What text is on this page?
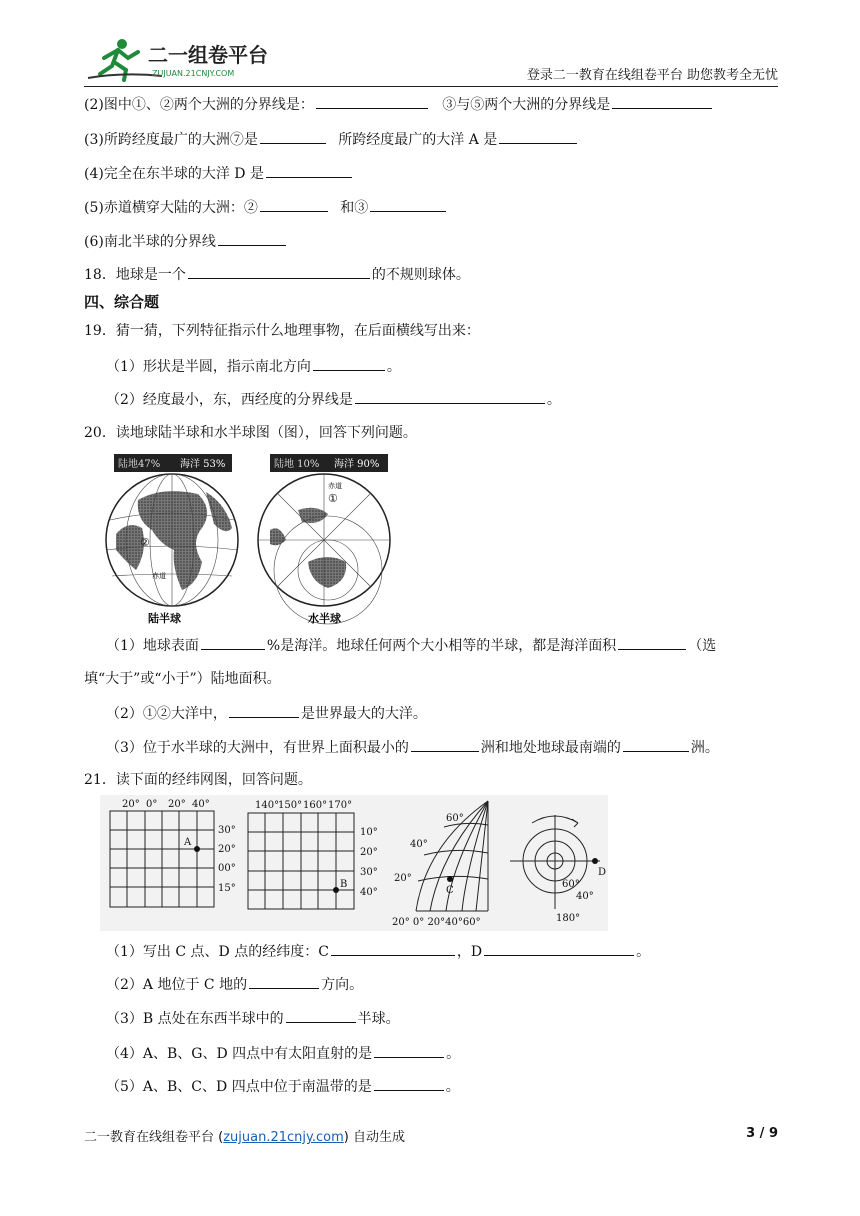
二一组卷平台
ZUJUAN.21CNJY.COM	登录二一教育在线组卷平台 助您教考全无忧
(2)图中①、②两个大洲的分界线是：	③与⑤两个大洲的分界线是
(3)所跨经度最广的大洲⑦是	所跨经度最广的大洋 A 是
(4)完全在东半球的大洋 D 是
(5)赤道横穿大陆的大洲：②	和③
(6)南北半球的分界线
18．地球是一个	的不规则球体。
四、综合题
19．猜一猜，下列特征指示什么地理事物，在后面横线写出来：
（1）形状是半圆，指示南北方向	。
（2）经度最小，东，西经度的分界线是	。
20．读地球陆半球和水半球图（图），回答下列问题。
陆地47% 海洋 53%
②
赤道
陆半球
陆地 10% 海洋 90%
①
赤道
水半球
（1）地球表面	%是海洋。地球任何两个大小相等的半球，都是海洋面积	（选
填“大于”或“小于”）陆地面积。
（2）①②大洋中，	是世界最大的大洋。
（3）位于水半球的大洲中，有世界上面积最小的	洲和地处地球最南端的	洲。
21．读下面的经纬网图，回答问题。
20° 0° 20° 40°
30°
20°
00°
15°
A
140°
150° 160° 170°
10°
20°
30°
40°
B
60°
40°
20°
C
20° 0° 20°40°60°
D
60°
40°
180°
（1）写出 C 点、D 点的经纬度：C	，D	。
（2）A 地位于 C 地的	方向。
（3）B 点处在东西半球中的	半球。
（4）A、B、G、D 四点中有太阳直射的是	。
（5）A、B、C、D 四点中位于南温带的是	。
二一教育在线组卷平台 (zujuan.21cnjy.com) 自动生成	3 / 9
